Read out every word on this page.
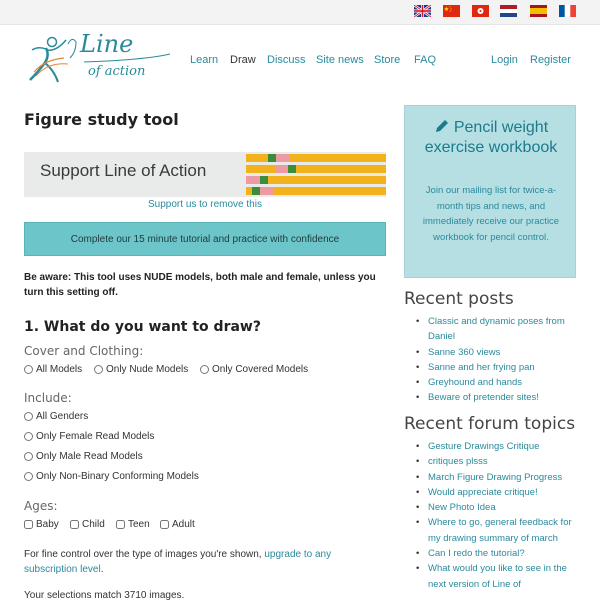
Line
of action
Learn Draw Discuss Site news Store FAQ	Login Register
Figure study tool
Support Line of Action
Support us to remove this
Complete our 15 minute tutorial and practice with confidence
Be aware: This tool uses NUDE models, both male and female, unless you turn this setting off.
1. What do you want to draw?
Cover and Clothing:
All Models Only Nude Models Only Covered Models
Include:
All Genders
Only Female Read Models
Only Male Read Models
Only Non-Binary Conforming Models
Ages:
Baby Child Teen Adult
For fine control over the type of images you're shown, upgrade to any subscription level.
Your selections match 3710 images.
Pencil weight exercise workbook
Join our mailing list for twice-a-month tips and news, and immediately receive our practice workbook for pencil control.
Recent posts
• Classic and dynamic poses from Daniel
• Sanne 360 views
• Sanne and her frying pan
• Greyhound and hands
• Beware of pretender sites!
Recent forum topics
• Gesture Drawings Critique
• critiques plsss
• March Figure Drawing Progress
• Would appreciate critique!
• New Photo Idea
• Where to go, general feedback for my drawing summary of march
• Can I redo the tutorial?
• What would you like to see in the next version of Line of
